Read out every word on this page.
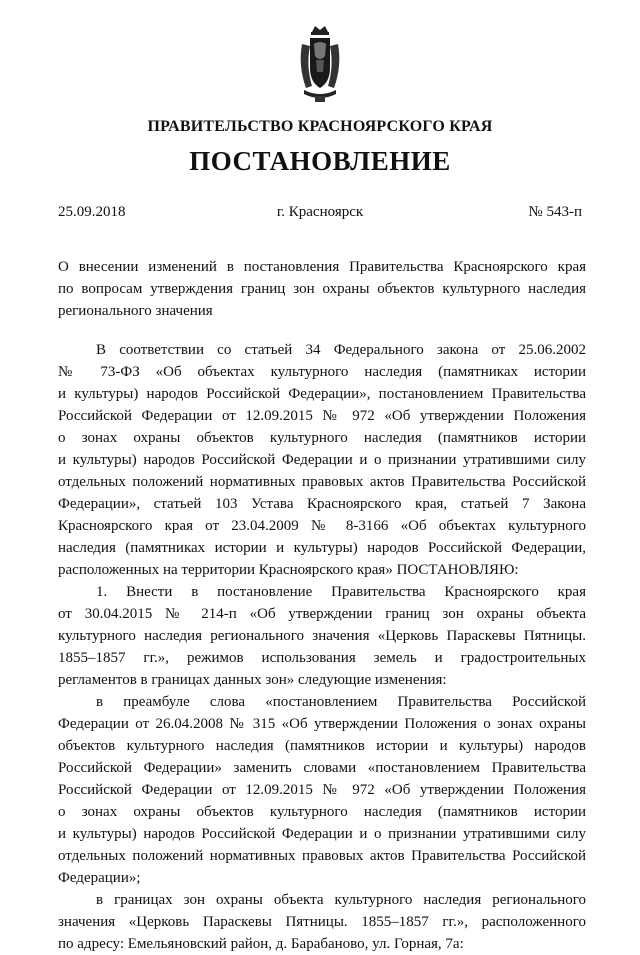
ПРАВИТЕЛЬСТВО КРАСНОЯРСКОГО КРАЯ
ПОСТАНОВЛЕНИЕ
25.09.2018	г. Красноярск	№ 543-п
О внесении изменений в постановления Правительства Красноярского края
по вопросам утверждения границ зон охраны объектов культурного наследия
регионального значения
В соответствии со статьей 34 Федерального закона от 25.06.2002
№ 73-ФЗ «Об объектах культурного наследия (памятниках истории
и культуры) народов Российской Федерации», постановлением Правительства
Российской Федерации от 12.09.2015 № 972 «Об утверждении Положения
о зонах охраны объектов культурного наследия (памятников истории
и культуры) народов Российской Федерации и о признании утратившими силу
отдельных положений нормативных правовых актов Правительства Российской
Федерации», статьей 103 Устава Красноярского края, статьей 7 Закона
Красноярского края от 23.04.2009 № 8-3166 «Об объектах культурного
наследия (памятниках истории и культуры) народов Российской Федерации,
расположенных на территории Красноярского края» ПОСТАНОВЛЯЮ:
1. Внести в постановление Правительства Красноярского края
от 30.04.2015 № 214-п «Об утверждении границ зон охраны объекта
культурного наследия регионального значения «Церковь Параскевы Пятницы.
1855–1857 гг.», режимов использования земель и градостроительных
регламентов в границах данных зон» следующие изменения:
в преамбуле слова «постановлением Правительства Российской
Федерации от 26.04.2008 № 315 «Об утверждении Положения о зонах охраны
объектов культурного наследия (памятников истории и культуры) народов
Российской Федерации» заменить словами «постановлением Правительства
Российской Федерации от 12.09.2015 № 972 «Об утверждении Положения
о зонах охраны объектов культурного наследия (памятников истории
и культуры) народов Российской Федерации и о признании утратившими силу
отдельных положений нормативных правовых актов Правительства Российской
Федерации»;
в границах зон охраны объекта культурного наследия регионального
значения «Церковь Параскевы Пятницы. 1855–1857 гг.», расположенного
по адресу: Емельяновский район, д. Барабаново, ул. Горная, 7а:
